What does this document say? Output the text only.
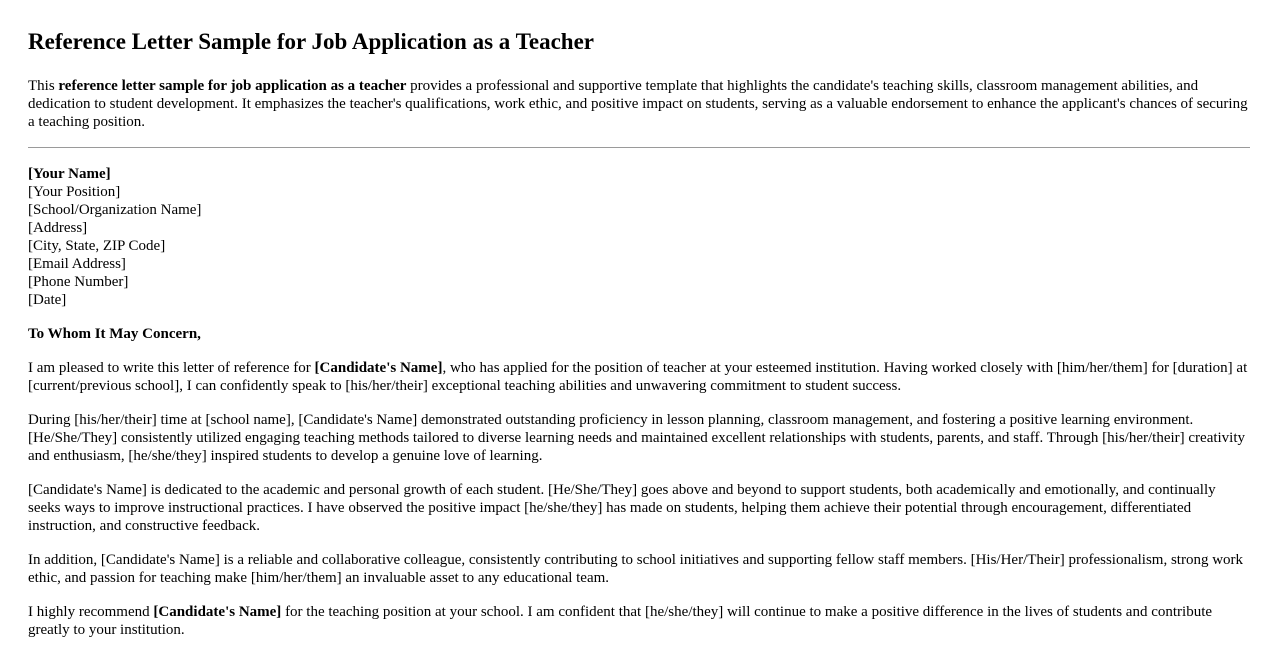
Reference Letter Sample for Job Application as a Teacher

This reference letter sample for job application as a teacher provides a professional and supportive template that highlights the candidate's teaching skills, classroom management abilities, and dedication to student development. It emphasizes the teacher's qualifications, work ethic, and positive impact on students, serving as a valuable endorsement to enhance the applicant's chances of securing a teaching position.

[Your Name]
[Your Position]
[School/Organization Name]
[Address]
[City, State, ZIP Code]
[Email Address]
[Phone Number]
[Date]

To Whom It May Concern,

I am pleased to write this letter of reference for [Candidate's Name], who has applied for the position of teacher at your esteemed institution. Having worked closely with [him/her/them] for [duration] at [current/previous school], I can confidently speak to [his/her/their] exceptional teaching abilities and unwavering commitment to student success.

During [his/her/their] time at [school name], [Candidate's Name] demonstrated outstanding proficiency in lesson planning, classroom management, and fostering a positive learning environment. [He/She/They] consistently utilized engaging teaching methods tailored to diverse learning needs and maintained excellent relationships with students, parents, and staff. Through [his/her/their] creativity and enthusiasm, [he/she/they] inspired students to develop a genuine love of learning.

[Candidate's Name] is dedicated to the academic and personal growth of each student. [He/She/They] goes above and beyond to support students, both academically and emotionally, and continually seeks ways to improve instructional practices. I have observed the positive impact [he/she/they] has made on students, helping them achieve their potential through encouragement, differentiated instruction, and constructive feedback.

In addition, [Candidate's Name] is a reliable and collaborative colleague, consistently contributing to school initiatives and supporting fellow staff members. [His/Her/Their] professionalism, strong work ethic, and passion for teaching make [him/her/them] an invaluable asset to any educational team.

I highly recommend [Candidate's Name] for the teaching position at your school. I am confident that [he/she/they] will continue to make a positive difference in the lives of students and contribute greatly to your institution.
